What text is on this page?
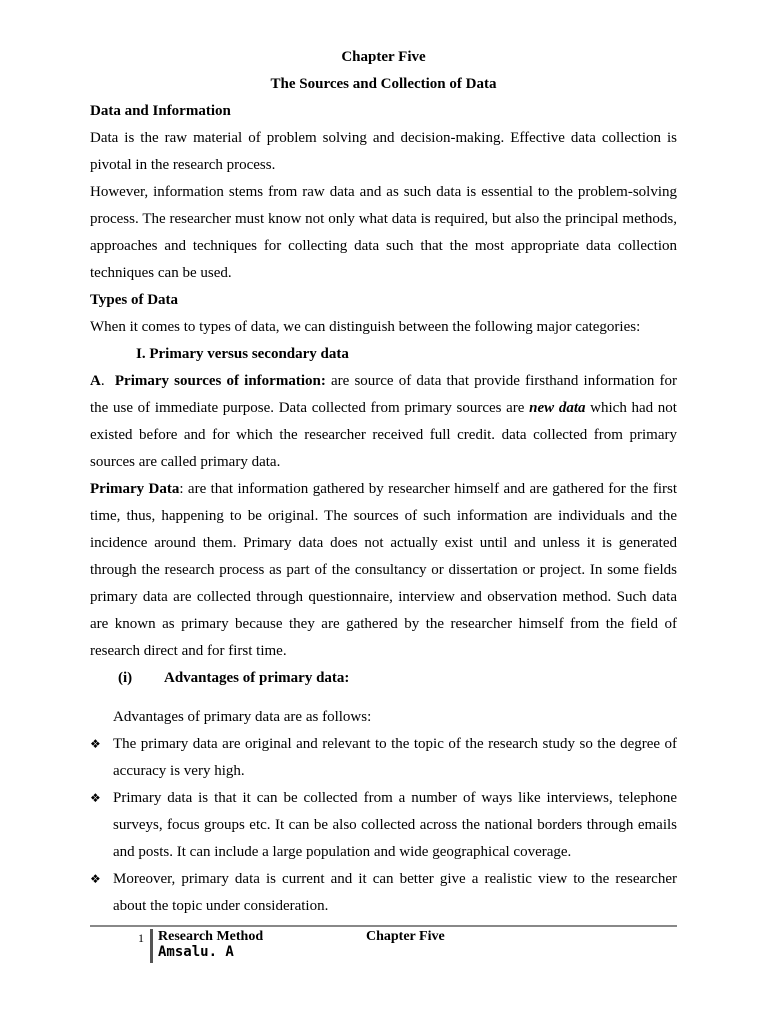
Chapter Five
The Sources and Collection of Data
Data and Information

Data is the raw material of problem solving and decision-making. Effective data collection is pivotal in the research process.

However, information stems from raw data and as such data is essential to the problem-solving process. The researcher must know not only what data is required, but also the principal methods, approaches and techniques for collecting data such that the most appropriate data collection techniques can be used.

Types of Data

When it comes to types of data, we can distinguish between the following major categories:

I. Primary versus secondary data

A. Primary sources of information: are source of data that provide firsthand information for the use of immediate purpose. Data collected from primary sources are new data which had not existed before and for which the researcher received full credit. data collected from primary sources are called primary data.

Primary Data: are that information gathered by researcher himself and are gathered for the first time, thus, happening to be original. The sources of such information are individuals and the incidence around them. Primary data does not actually exist until and unless it is generated through the research process as part of the consultancy or dissertation or project. In some fields primary data are collected through questionnaire, interview and observation method. Such data are known as primary because they are gathered by the researcher himself from the field of research direct and for first time.

(i) Advantages of primary data:
Advantages of primary data are as follows:
❖ The primary data are original and relevant to the topic of the research study so the degree of accuracy is very high.
❖ Primary data is that it can be collected from a number of ways like interviews, telephone surveys, focus groups etc. It can be also collected across the national borders through emails and posts. It can include a large population and wide geographical coverage.
❖ Moreover, primary data is current and it can better give a realistic view to the researcher about the topic under consideration.
1 Research Method	Chapter Five
Amsalu. A
